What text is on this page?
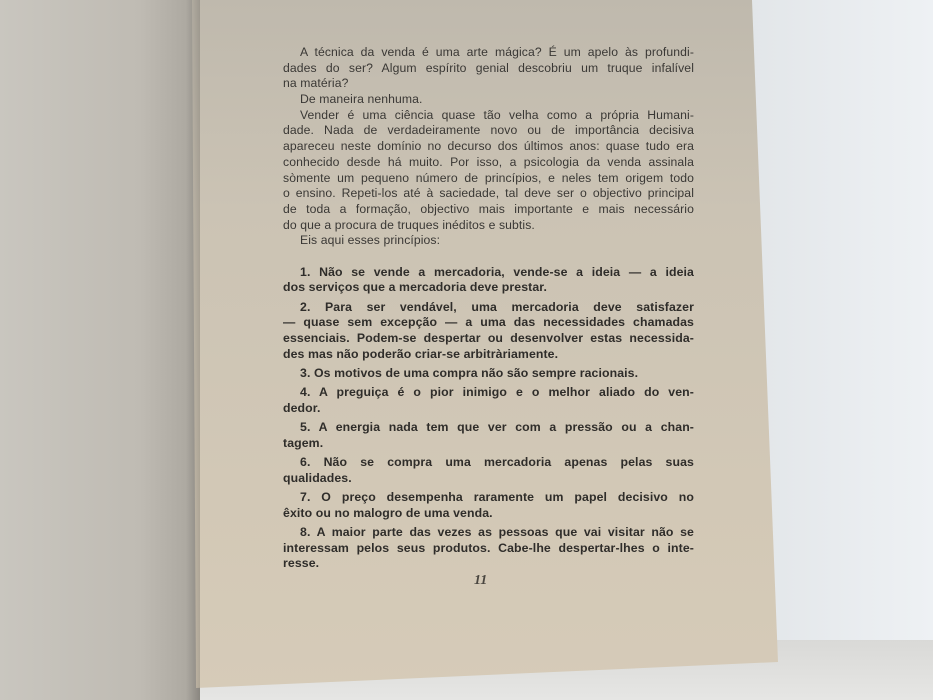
A técnica da venda é uma arte mágica? É um apelo às profundi-
dades do ser? Algum espírito genial descobriu um truque infalível
na matéria?
De maneira nenhuma.
Vender é uma ciência quase tão velha como a própria Humani-
dade. Nada de verdadeiramente novo ou de importância decisiva
apareceu neste domínio no decurso dos últimos anos: quase tudo era
conhecido desde há muito. Por isso, a psicologia da venda assinala
sòmente um pequeno número de princípios, e neles tem origem todo
o ensino. Repeti-los até à saciedade, tal deve ser o objectivo principal
de toda a formação, objectivo mais importante e mais necessário
do que a procura de truques inéditos e subtis.
Eis aqui esses princípios:
1. Não se vende a mercadoria, vende-se a ideia — a ideia
dos serviços que a mercadoria deve prestar.
2. Para ser vendável, uma mercadoria deve satisfazer
— quase sem excepção — a uma das necessidades chamadas
essenciais. Podem-se despertar ou desenvolver estas necessida-
des mas não poderão criar-se arbitràriamente.
3. Os motivos de uma compra não são sempre racionais.
4. A preguiça é o pior inimigo e o melhor aliado do ven-
dedor.
5. A energia nada tem que ver com a pressão ou a chan-
tagem.
6. Não se compra uma mercadoria apenas pelas suas
qualidades.
7. O preço desempenha raramente um papel decisivo no
êxito ou no malogro de uma venda.
8. A maior parte das vezes as pessoas que vai visitar não se
interessam pelos seus produtos. Cabe-lhe despertar-lhes o inte-
resse.
11
